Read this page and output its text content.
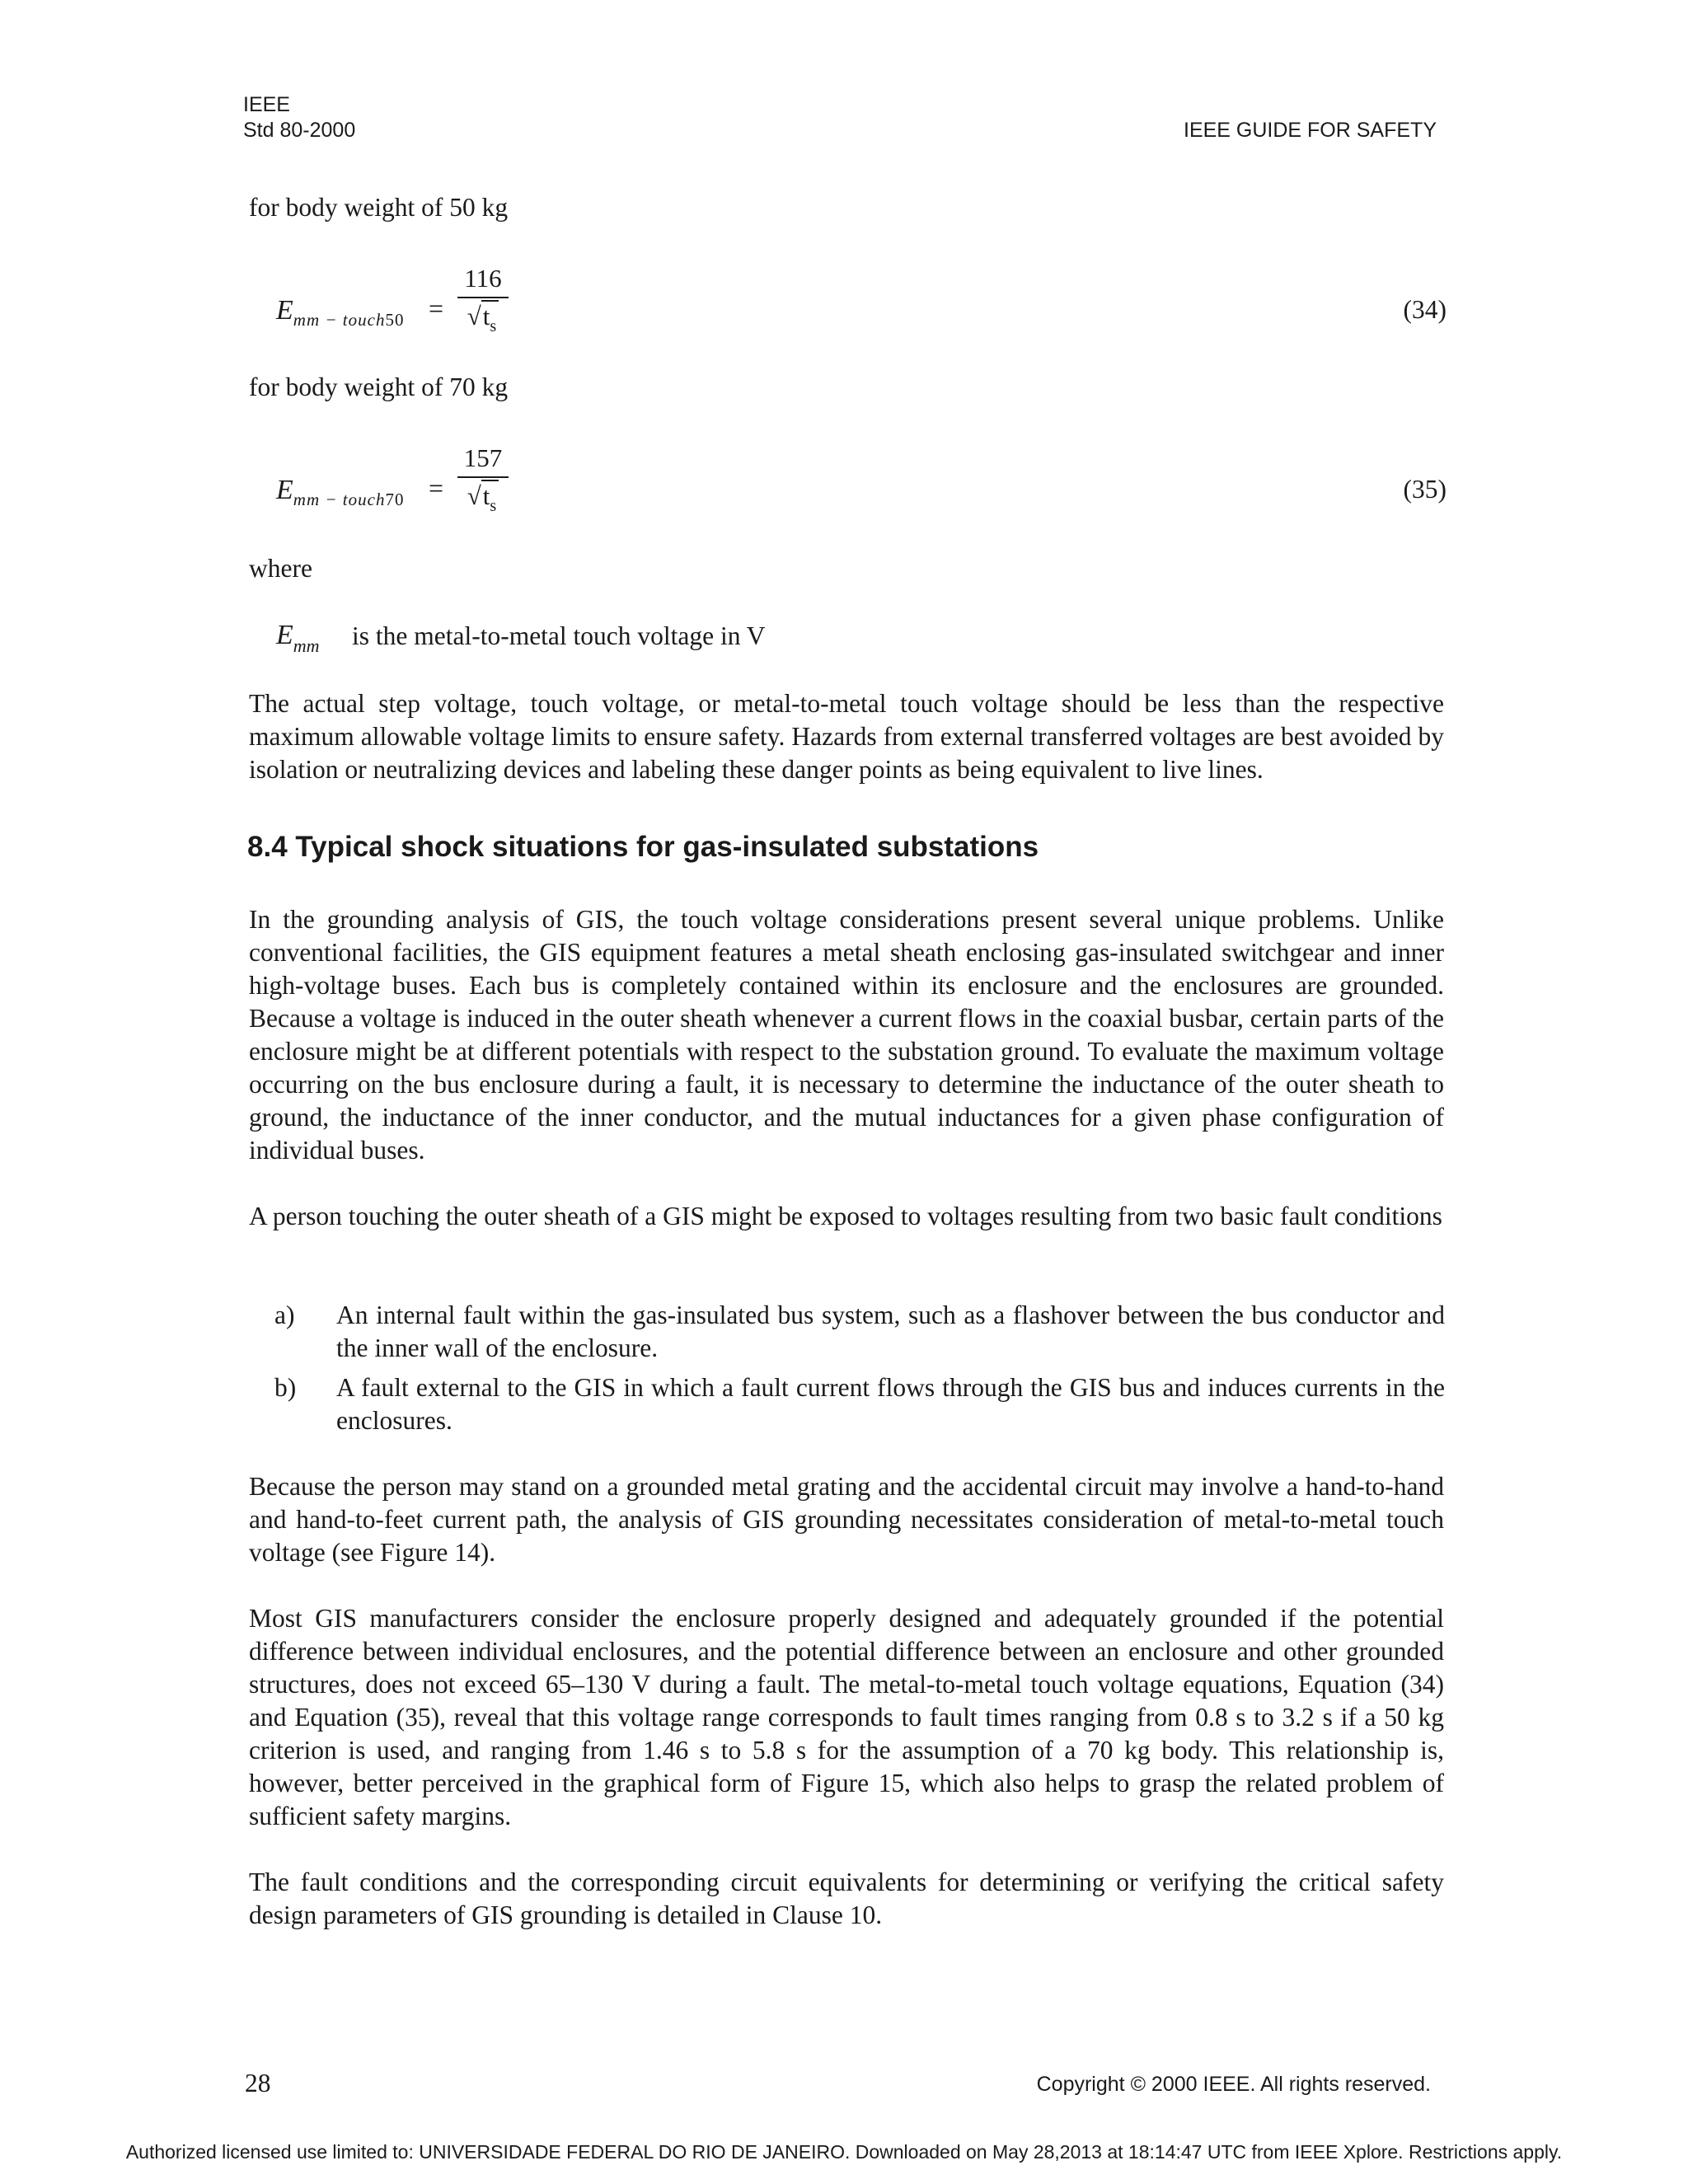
IEEE
Std 80-2000	IEEE GUIDE FOR SAFETY

for body weight of 50 kg

$E_{mm - touch50}$ =
116
$√t_s$
(34)

for body weight of 70 kg

$E_{mm - touch70}$ =
157
$√t_s$
(35)

where

$E_{mm}$ is the metal-to-metal touch voltage in V

The actual step voltage, touch voltage, or metal-to-metal touch voltage should be less than the respective maximum allowable voltage limits to ensure safety. Hazards from external transferred voltages are best avoided by isolation or neutralizing devices and labeling these danger points as being equivalent to live lines.

8.4 Typical shock situations for gas-insulated substations

In the grounding analysis of GIS, the touch voltage considerations present several unique problems. Unlike conventional facilities, the GIS equipment features a metal sheath enclosing gas-insulated switchgear and inner high-voltage buses. Each bus is completely contained within its enclosure and the enclosures are grounded. Because a voltage is induced in the outer sheath whenever a current flows in the coaxial busbar, certain parts of the enclosure might be at different potentials with respect to the substation ground. To evaluate the maximum voltage occurring on the bus enclosure during a fault, it is necessary to determine the inductance of the outer sheath to ground, the inductance of the inner conductor, and the mutual inductances for a given phase configuration of individual buses.

A person touching the outer sheath of a GIS might be exposed to voltages resulting from two basic fault conditions

a) An internal fault within the gas-insulated bus system, such as a flashover between the bus conductor and the inner wall of the enclosure.
b) A fault external to the GIS in which a fault current flows through the GIS bus and induces currents in the enclosures.

Because the person may stand on a grounded metal grating and the accidental circuit may involve a hand-to-hand and hand-to-feet current path, the analysis of GIS grounding necessitates consideration of metal-to-metal touch voltage (see Figure 14).

Most GIS manufacturers consider the enclosure properly designed and adequately grounded if the potential difference between individual enclosures, and the potential difference between an enclosure and other grounded structures, does not exceed 65–130 V during a fault. The metal-to-metal touch voltage equations, Equation (34) and Equation (35), reveal that this voltage range corresponds to fault times ranging from 0.8 s to 3.2 s if a 50 kg criterion is used, and ranging from 1.46 s to 5.8 s for the assumption of a 70 kg body. This relationship is, however, better perceived in the graphical form of Figure 15, which also helps to grasp the related problem of sufficient safety margins.

The fault conditions and the corresponding circuit equivalents for determining or verifying the critical safety design parameters of GIS grounding is detailed in Clause 10.

28	Copyright © 2000 IEEE. All rights reserved.
Authorized licensed use limited to: UNIVERSIDADE FEDERAL DO RIO DE JANEIRO. Downloaded on May 28,2013 at 18:14:47 UTC from IEEE Xplore. Restrictions apply.
